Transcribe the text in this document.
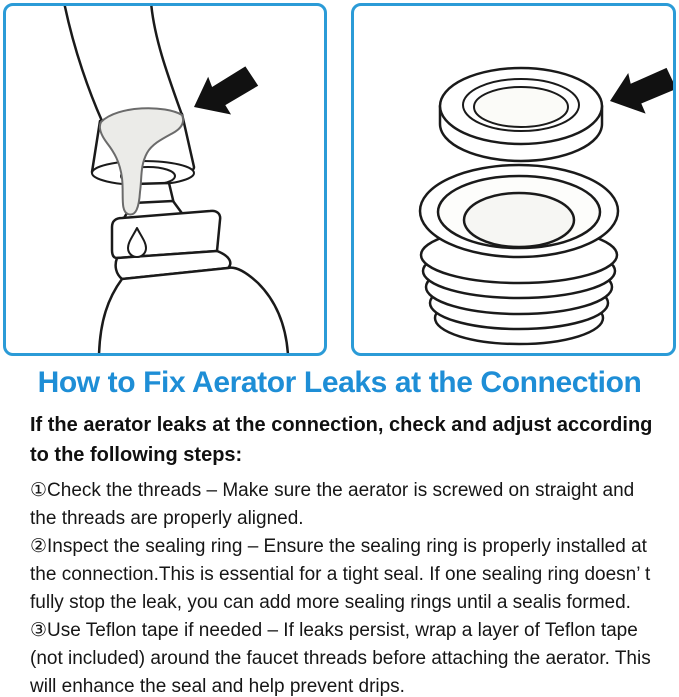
How to Fix Aerator Leaks at the Connection

If the aerator leaks at the connection, check and adjust according to the following steps:

①Check the threads – Make sure the aerator is screwed on straight and the threads are properly aligned.

②Inspect the sealing ring – Ensure the sealing ring is properly installed at the connection.This is essential for a tight seal. If one sealing ring doesn’ t fully stop the leak, you can add more sealing rings until a sealis formed.

③Use Teflon tape if needed – If leaks persist, wrap a layer of Teflon tape (not included) around the faucet threads before attaching the aerator. This will enhance the seal and help prevent drips.
